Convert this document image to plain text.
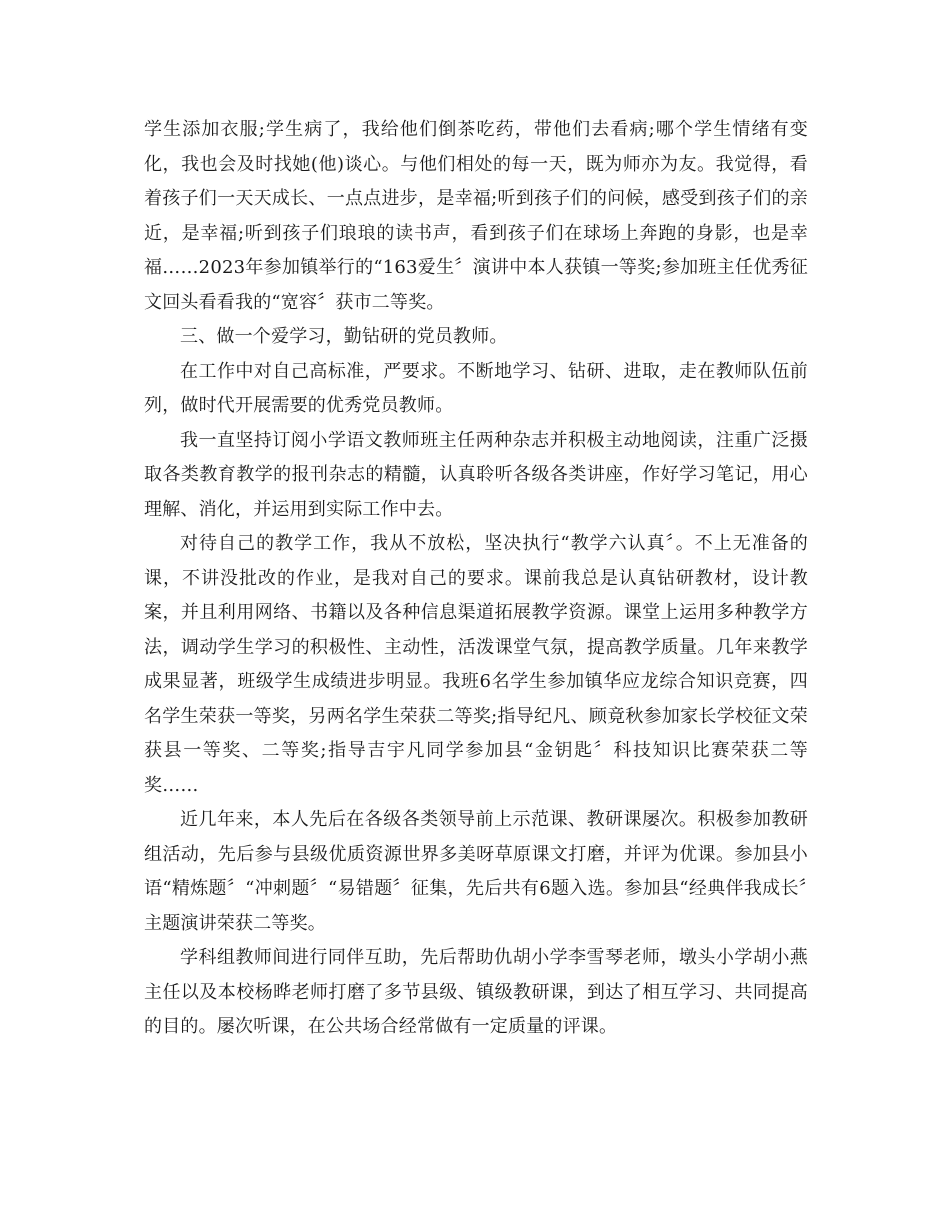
学生添加衣服;学生病了，我给他们倒茶吃药，带他们去看病;哪个学生情绪有变化，我也会及时找她(他)谈心。与他们相处的每一天，既为师亦为友。我觉得，看着孩子们一天天成长、一点点进步，是幸福;听到孩子们的问候，感受到孩子们的亲近，是幸福;听到孩子们琅琅的读书声，看到孩子们在球场上奔跑的身影，也是幸福……2023年参加镇举行的“163爱生〞演讲中本人获镇一等奖;参加班主任优秀征文回头看看我的“宽容〞获市二等奖。

三、做一个爱学习，勤钻研的党员教师。

在工作中对自己高标准，严要求。不断地学习、钻研、进取，走在教师队伍前列，做时代开展需要的优秀党员教师。

我一直坚持订阅小学语文教师班主任两种杂志并积极主动地阅读，注重广泛摄取各类教育教学的报刊杂志的精髓，认真聆听各级各类讲座，作好学习笔记，用心理解、消化，并运用到实际工作中去。

对待自己的教学工作，我从不放松，坚决执行“教学六认真〞。不上无准备的课，不讲没批改的作业，是我对自己的要求。课前我总是认真钻研教材，设计教案，并且利用网络、书籍以及各种信息渠道拓展教学资源。课堂上运用多种教学方法，调动学生学习的积极性、主动性，活泼课堂气氛，提高教学质量。几年来教学成果显著，班级学生成绩进步明显。我班6名学生参加镇华应龙综合知识竞赛，四名学生荣获一等奖，另两名学生荣获二等奖;指导纪凡、顾竟秋参加家长学校征文荣获县一等奖、二等奖;指导吉宇凡同学参加县“金钥匙〞科技知识比赛荣获二等奖……

近几年来，本人先后在各级各类领导前上示范课、教研课屡次。积极参加教研组活动，先后参与县级优质资源世界多美呀草原课文打磨，并评为优课。参加县小语“精炼题〞“冲刺题〞“易错题〞征集，先后共有6题入选。参加县“经典伴我成长〞主题演讲荣获二等奖。

学科组教师间进行同伴互助，先后帮助仇胡小学李雪琴老师，墩头小学胡小燕主任以及本校杨晔老师打磨了多节县级、镇级教研课，到达了相互学习、共同提高的目的。屡次听课，在公共场合经常做有一定质量的评课。
